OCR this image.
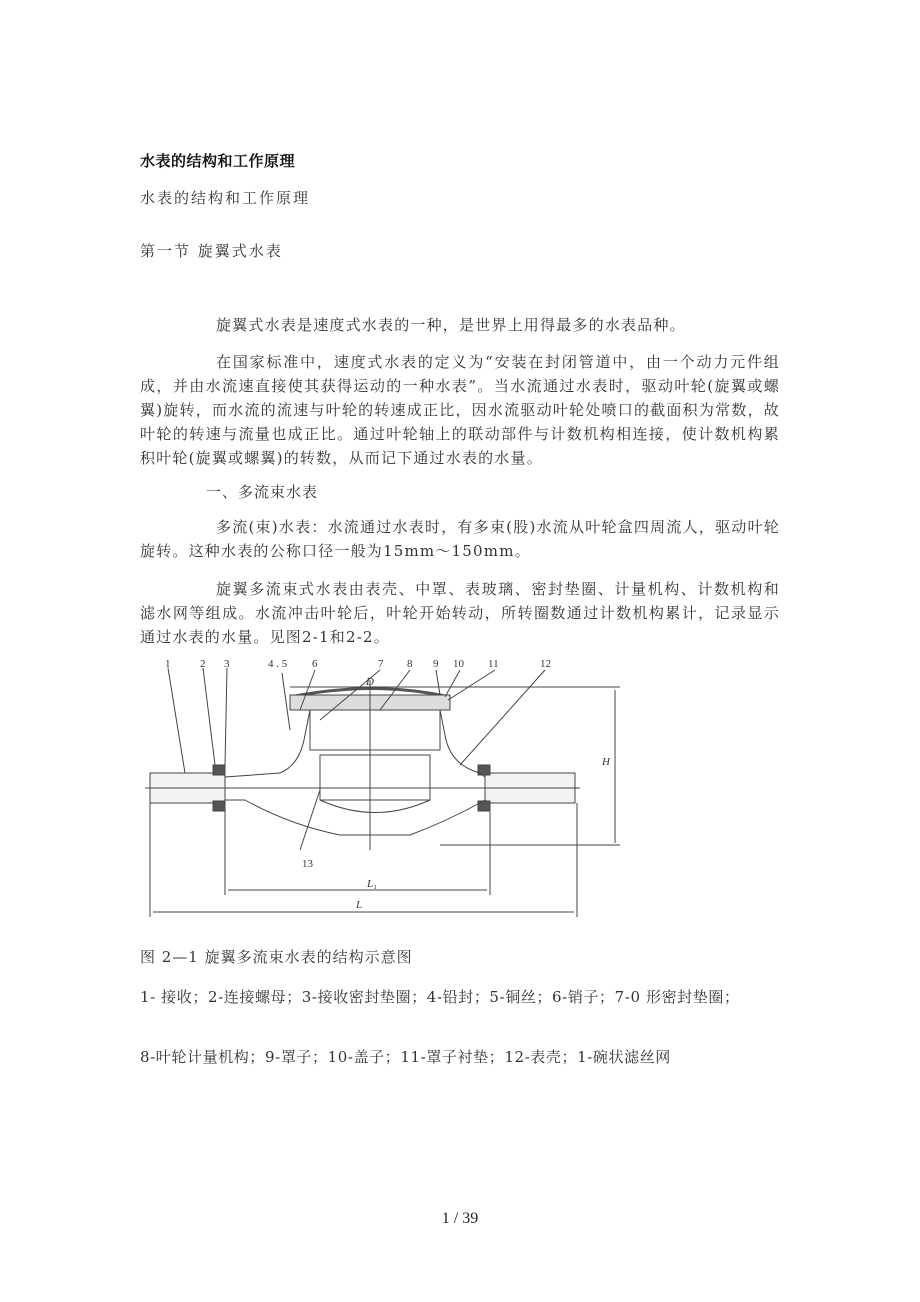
水表的结构和工作原理
水表的结构和工作原理
第一节 旋翼式水表
旋翼式水表是速度式水表的一种，是世界上用得最多的水表品种。
在国家标准中，速度式水表的定义为“安装在封闭管道中，由一个动力元件组成，并由水流速直接使其获得运动的一种水表”。当水流通过水表时，驱动叶轮(旋翼或螺翼)旋转，而水流的流速与叶轮的转速成正比，因水流驱动叶轮处喷口的截面积为常数，故叶轮的转速与流量也成正比。通过叶轮轴上的联动部件与计数机构相连接，使计数机构累积叶轮(旋翼或螺翼)的转数，从而记下通过水表的水量。
一、多流束水表
多流(束)水表：水流通过水表时，有多束(股)水流从叶轮盒四周流人，驱动叶轮旋转。这种水表的公称口径一般为15mm～150mm。
旋翼多流束式水表由表壳、中罩、表玻璃、密封垫圈、计量机构、计数机构和滤水网等组成。水流冲击叶轮后，叶轮开始转动，所转圈数通过计数机构累计，记录显示通过水表的水量。见图2-1和2-2。
1	2 3	4 . 5 6	7 8 9 10 11	12
13
D
H
L₁
L
图 2—1 旋翼多流束水表的结构示意图
1- 接收；2-连接螺母；3-接收密封垫圈；4-铅封；5-铜丝；6-销子；7-0 形密封垫圈；
8-叶轮计量机构；9-罩子；10-盖子；11-罩子衬垫；12-表壳；1-碗状滤丝网
1 / 39
